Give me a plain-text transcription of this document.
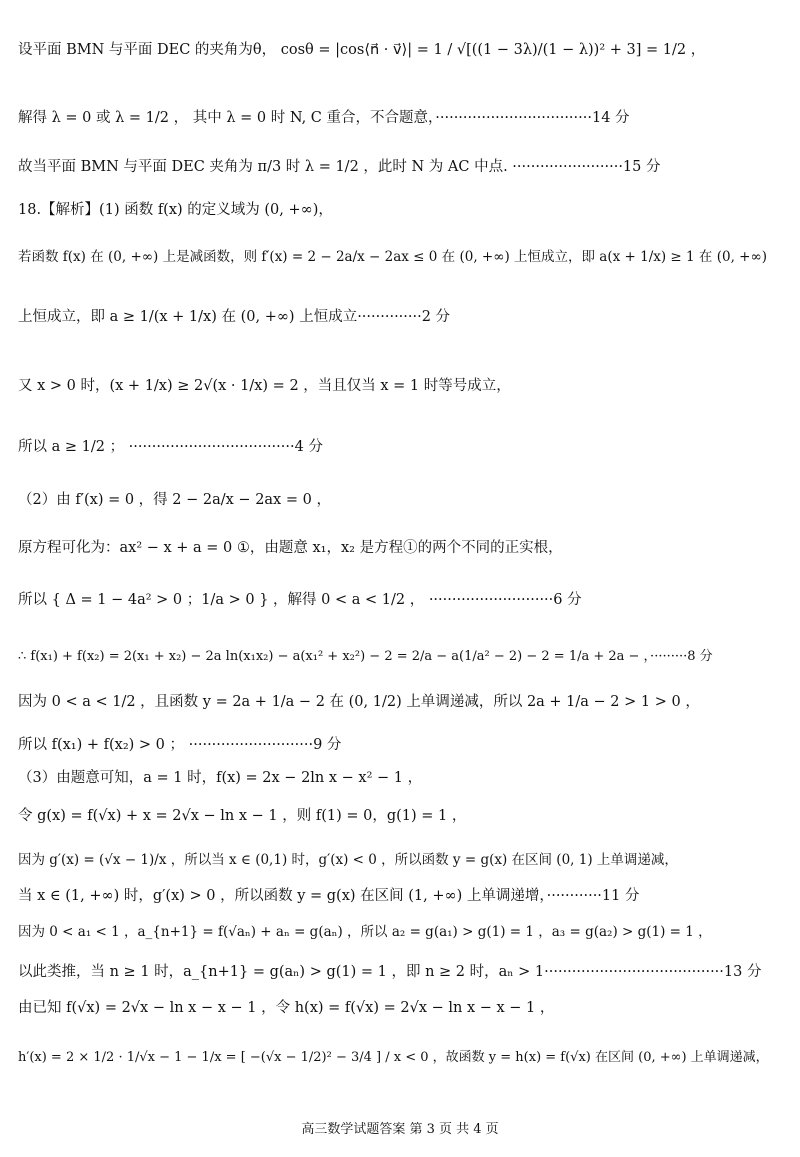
设平面 BMN 与平面 DEC 的夹角为θ， cosθ = |cos⟨n⃗ · v⃗⟩| = 1 / √[((1 − 3λ)/(1 − λ))² + 3] = 1/2 ，
解得 λ = 0 或 λ = 1/2 ， 其中 λ = 0 时 N, C 重合，不合题意，··································14 分
故当平面 BMN 与平面 DEC 夹角为 π/3 时 λ = 1/2 ，此时 N 为 AC 中点. ························15 分
18.【解析】(1) 函数 f(x) 的定义域为 (0, +∞)，
若函数 f(x) 在 (0, +∞) 上是减函数，则 f′(x) = 2 − 2a/x − 2ax ≤ 0 在 (0, +∞) 上恒成立，即 a(x + 1/x) ≥ 1 在 (0, +∞)
上恒成立，即 a ≥ 1/(x + 1/x) 在 (0, +∞) 上恒成立··············2 分
又 x > 0 时，(x + 1/x) ≥ 2√(x · 1/x) = 2 ，当且仅当 x = 1 时等号成立，
所以 a ≥ 1/2 ； ····································4 分
（2）由 f′(x) = 0 ，得 2 − 2a/x − 2ax = 0 ，
原方程可化为：ax² − x + a = 0 ①，由题意 x₁，x₂ 是方程①的两个不同的正实根，
所以 { Δ = 1 − 4a² > 0 ；1/a > 0 } ，解得 0 < a < 1/2 ， ···························6 分
∴ f(x₁) + f(x₂) = 2(x₁ + x₂) − 2a ln(x₁x₂) − a(x₁² + x₂²) − 2 = 2/a − a(1/a² − 2) − 2 = 1/a + 2a − ，·········8 分
因为 0 < a < 1/2 ，且函数 y = 2a + 1/a − 2 在 (0, 1/2) 上单调递减，所以 2a + 1/a − 2 > 1 > 0 ，
所以 f(x₁) + f(x₂) > 0 ； ···························9 分
（3）由题意可知，a = 1 时，f(x) = 2x − 2ln x − x² − 1 ，
令 g(x) = f(√x) + x = 2√x − ln x − 1 ，则 f(1) = 0，g(1) = 1 ，
因为 g′(x) = (√x − 1)/x ，所以当 x ∈ (0,1) 时，g′(x) < 0 ，所以函数 y = g(x) 在区间 (0, 1) 上单调递减，
当 x ∈ (1, +∞) 时，g′(x) > 0 ，所以函数 y = g(x) 在区间 (1, +∞) 上单调递增，············11 分
因为 0 < a₁ < 1 ，a_{n+1} = f(√aₙ) + aₙ = g(aₙ) ，所以 a₂ = g(a₁) > g(1) = 1 ，a₃ = g(a₂) > g(1) = 1 ，
以此类推，当 n ≥ 1 时，a_{n+1} = g(aₙ) > g(1) = 1 ，即 n ≥ 2 时，aₙ > 1·······································13 分
由已知 f(√x) = 2√x − ln x − x − 1 ，令 h(x) = f(√x) = 2√x − ln x − x − 1 ，
h′(x) = 2 × 1/2 · 1/√x − 1 − 1/x = [ −(√x − 1/2)² − 3/4 ] / x < 0 ，故函数 y = h(x) = f(√x) 在区间 (0, +∞) 上单调递减，
高三数学试题答案 第 3 页 共 4 页
